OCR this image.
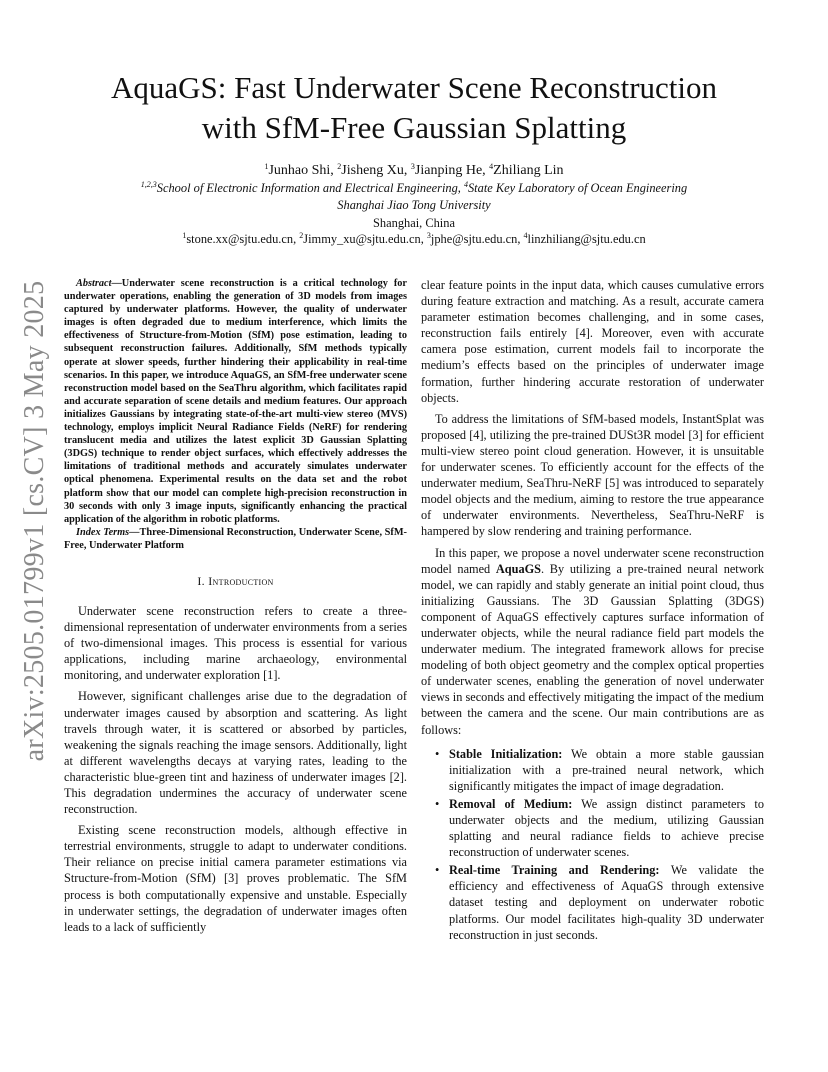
AquaGS: Fast Underwater Scene Reconstruction
with SfM-Free Gaussian Splatting
$^1$Junhao Shi, $^2$Jisheng Xu, $^3$Jianping He, $^4$Zhiliang Lin
$^{1,2,3}$School of Electronic Information and Electrical Engineering, $^4$State Key Laboratory of Ocean Engineering
Shanghai Jiao Tong University
Shanghai, China
$^1$stone.xx@sjtu.edu.cn, $^2$Jimmy_xu@sjtu.edu.cn, $^3$jphe@sjtu.edu.cn, $^4$linzhiliang@sjtu.edu.cn
arXiv:2505.01799v1 [cs.CV] 3 May 2025	Abstract—Underwater scene reconstruction is a critical technology for underwater operations, enabling the generation of 3D models from images captured by underwater platforms. However, the quality of underwater images is often degraded due to medium interference, which limits the effectiveness of Structure-from-Motion (SfM) pose estimation, leading to subsequent reconstruction failures. Additionally, SfM methods typically operate at slower speeds, further hindering their applicability in real-time scenarios. In this paper, we introduce AquaGS, an SfM-free underwater scene reconstruction model based on the SeaThru algorithm, which facilitates rapid and accurate separation of scene details and medium features. Our approach initializes Gaussians by integrating state-of-the-art multi-view stereo (MVS) technology, employs implicit Neural Radiance Fields (NeRF) for rendering translucent media and utilizes the latest explicit 3D Gaussian Splatting (3DGS) technique to render object surfaces, which effectively addresses the limitations of traditional methods and accurately simulates underwater optical phenomena. Experimental results on the data set and the robot platform show that our model can complete high-precision reconstruction in 30 seconds with only 3 image inputs, significantly enhancing the practical application of the algorithm in robotic platforms.

Index Terms—Three-Dimensional Reconstruction, Underwater Scene, SfM-Free, Underwater Platform

I. Introduction

Underwater scene reconstruction refers to create a three-dimensional representation of underwater environments from a series of two-dimensional images. This process is essential for various applications, including marine archaeology, environmental monitoring, and underwater exploration [1].

However, significant challenges arise due to the degradation of underwater images caused by absorption and scattering. As light travels through water, it is scattered or absorbed by particles, weakening the signals reaching the image sensors. Additionally, light at different wavelengths decays at varying rates, leading to the characteristic blue-green tint and haziness of underwater images [2]. This degradation undermines the accuracy of underwater scene reconstruction.

Existing scene reconstruction models, although effective in terrestrial environments, struggle to adapt to underwater conditions. Their reliance on precise initial camera parameter estimations via Structure-from-Motion (SfM) [3] proves problematic. The SfM process is both computationally expensive and unstable. Especially in underwater settings, the degradation of underwater images often leads to a lack of sufficiently

clear feature points in the input data, which causes cumulative errors during feature extraction and matching. As a result, accurate camera parameter estimation becomes challenging, and in some cases, reconstruction fails entirely [4]. Moreover, even with accurate camera pose estimation, current models fail to incorporate the medium’s effects based on the principles of underwater image formation, further hindering accurate restoration of underwater objects.

To address the limitations of SfM-based models, InstantSplat was proposed [4], utilizing the pre-trained DUSt3R model [3] for efficient multi-view stereo point cloud generation. However, it is unsuitable for underwater scenes. To efficiently account for the effects of the underwater medium, SeaThru-NeRF [5] was introduced to separately model objects and the medium, aiming to restore the true appearance of underwater environments. Nevertheless, SeaThru-NeRF is hampered by slow rendering and training performance.

In this paper, we propose a novel underwater scene reconstruction model named AquaGS. By utilizing a pre-trained neural network model, we can rapidly and stably generate an initial point cloud, thus initializing Gaussians. The 3D Gaussian Splatting (3DGS) component of AquaGS effectively captures surface information of underwater objects, while the neural radiance field part models the underwater medium. The integrated framework allows for precise modeling of both object geometry and the complex optical properties of underwater scenes, enabling the generation of novel underwater views in seconds and effectively mitigating the impact of the medium between the camera and the scene. Our main contributions are as follows:

• Stable Initialization: We obtain a more stable gaussian initialization with a pre-trained neural network, which significantly mitigates the impact of image degradation.
• Removal of Medium: We assign distinct parameters to underwater objects and the medium, utilizing Gaussian splatting and neural radiance fields to achieve precise reconstruction of underwater scenes.
• Real-time Training and Rendering: We validate the efficiency and effectiveness of AquaGS through extensive dataset testing and deployment on underwater robotic platforms. Our model facilitates high-quality 3D underwater reconstruction in just seconds.
